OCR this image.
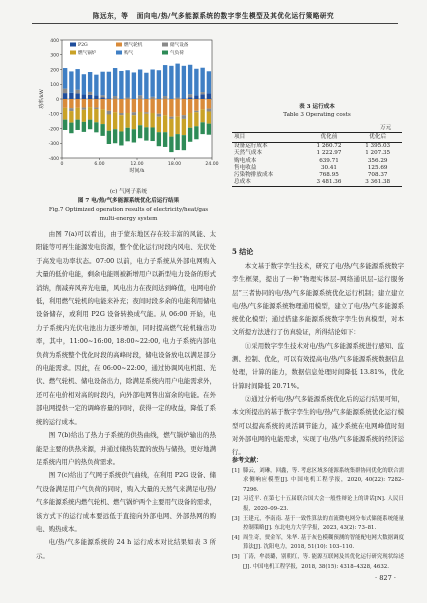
陈远东，等 面向电/热/气多能源系统的数字孪生模型及其优化运行策略研究
400
300
200
100
0
-100
-200
-300
-400
0	6.00	12.00	18.00	24.00
时间/h
功率/kW
P2G	燃气轮机	储气设备
燃气锅炉	购气	气负荷
(c) 气网子系统
图 7 电/热/气多能源系统优化后运行结果
Fig.7 Optimized operation results of electricity/heat/gas multi-energy system

由图 7(a)可以看出，由于蒙东地区存在较丰富的风能、太阳能等可再生能源发电资源，整个优化运行时段内风电、光伏处于高发电功率状态。07:00 以前，电力子系统从外部电网购入大量的低价电能，剩余电能则被新增用户以新型电力设备的形式消纳，削减弃风弃光电量，风电出力在夜间达到峰值，电网电价低，利用燃气轮机的电能来补充；夜间时段多余的电能利用储电设备储存，或利用 P2G 设备转换成气能。从 06:00 开始，电力子系统内光伏电池出力逐步增加，同时提高燃气轮机输出功率，其中，11:00~16:00, 18:00~22:00, 电力子系统内部电负荷为系统整个优化时段的高峰时段，储电设备放电以满足部分的电能需求。因此，在 06:00~22:00，通过协调风电机组、光伏、燃气轮机、储电设备出力，除满足系统内用户电能需求外，还可在电价相对高的时段内，向外部电网售出富余的电能。在外部电网提供一定的调峰容量的同时，获得一定的收益，降低了系统的运行成本。

图 7(b)给出了热力子系统的供热曲线，燃气锅炉输出的热能是主要的供热来源，并通过储热装置的放热与储热，更好地满足系统内用户的热负荷需求。

图 7(c)给出了气网子系统供气曲线，在利用 P2G 设备、储气设备满足用户气负荷的同时，购入大量的天然气来满足电/热/气多能源系统内燃气轮机、燃气锅炉两个主要用气设备的需求，该方式下的运行成本要远低于直接向外部电网、外部热网的购电、购热成本。

电/热/气多能源系统的 24 h 运行成本对比结果如表 3 所示。

表 3 运行成本
Table 3 Operating costs
万元
项目	优化前	优化后
设备运行成本	1 260.72	1 395.03
天然气成本	1 222.97	1 207.35
购电成本	639.71	356.29
售电收益	30.41	125.69
污染物排放成本	768.95	708.37
总成本	3 481.36	3 361.38
5 结论

本文基于数字孪生技术，研究了电/热/气多能源系统数字孪生框架，提出了一种“物理实体层–网络通讯层–运行服务层”三者协同的电/热/气多能源系统优化运行机制；建立建立电/热/气多能源系统物理通用模型，建立了电/热/气多能源系统优化模型；通过搭建多能源系统数字孪生仿真模型，对本文所提方法进行了仿真验证，所得结论如下：

①采用数字孪生技术对电/热/气多能源系统进行感知、监测、控制、优化，可以有效提高电/热/气多能源系统数据信息处理，计算的能力，数据信息处理时间降低 13.81%，优化计算时间降低 20.71%。

②通过分析电/热/气多能源系统优化后的运行结果可知，本文所提出的基于数字孪生的电/热/气多能源系统优化运行模型可以提高系统的灵活调节能力，减少系统在电网峰值时刻对外部电网的电能需求，实现了电/热/气多能源系统的经济运行。

参考文献：
[1] 滕云，刘琳，回鑫，等. 考虑区域多能源系统集群协同优化的联合需求侧响应模型[J]. 中国电机工程学报，2020, 40(22): 7282–7296.
[2] 习近平. 在第七十五届联合国大会一般性辩论上的讲话[N]. 人民日报，2020–09–23.
[3] 王建元，李南南. 基于一致性算法的直流微电网分布式储能系统能量控制策略[J]. 东北电力大学学报，2023, 43(2): 73–81.
[4] 周生奇，贾金军，朱华. 基于灰色模糊预测的智能配电网大数据调度算法[J]. 沈阳电力，2018, 51(10): 103–110.
[5] 丁涛，牟晨璐，别朝红，等. 能源互联网及其优化运行研究现状综述[J]. 中国电机工程学报，2018, 38(15): 4318–4328, 4632.
· 827 ·
